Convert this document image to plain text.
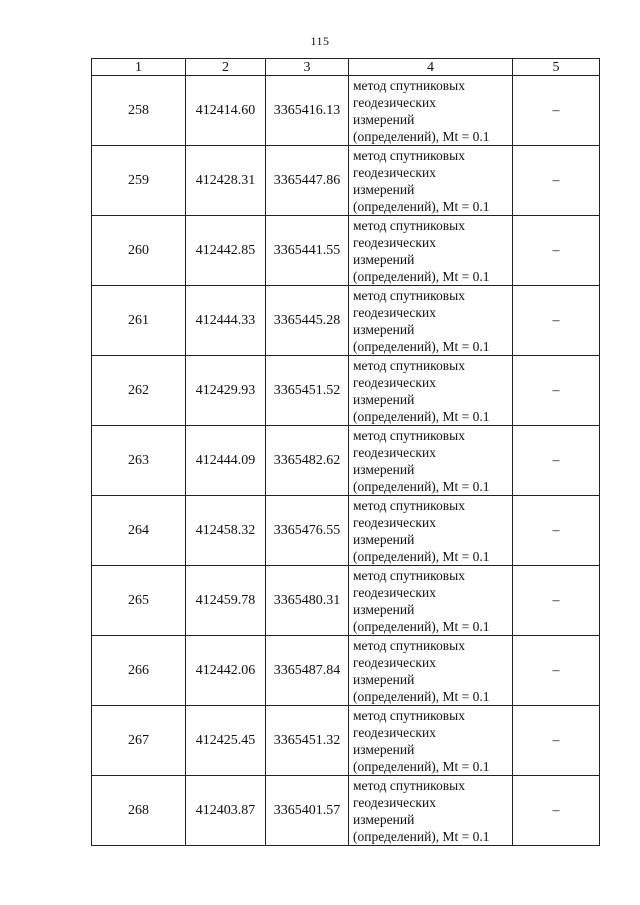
115
1	2	3	4	5
258	412414.60	3365416.13	метод спутниковых
геодезических
измерений
(определений), Mt = 0.1	–
259	412428.31	3365447.86	метод спутниковых
геодезических
измерений
(определений), Mt = 0.1	–
260	412442.85	3365441.55	метод спутниковых
геодезических
измерений
(определений), Mt = 0.1	–
261	412444.33	3365445.28	метод спутниковых
геодезических
измерений
(определений), Mt = 0.1	–
262	412429.93	3365451.52	метод спутниковых
геодезических
измерений
(определений), Mt = 0.1	–
263	412444.09	3365482.62	метод спутниковых
геодезических
измерений
(определений), Mt = 0.1	–
264	412458.32	3365476.55	метод спутниковых
геодезических
измерений
(определений), Mt = 0.1	–
265	412459.78	3365480.31	метод спутниковых
геодезических
измерений
(определений), Mt = 0.1	–
266	412442.06	3365487.84	метод спутниковых
геодезических
измерений
(определений), Mt = 0.1	–
267	412425.45	3365451.32	метод спутниковых
геодезических
измерений
(определений), Mt = 0.1	–
268	412403.87	3365401.57	метод спутниковых
геодезических
измерений
(определений), Mt = 0.1	–
